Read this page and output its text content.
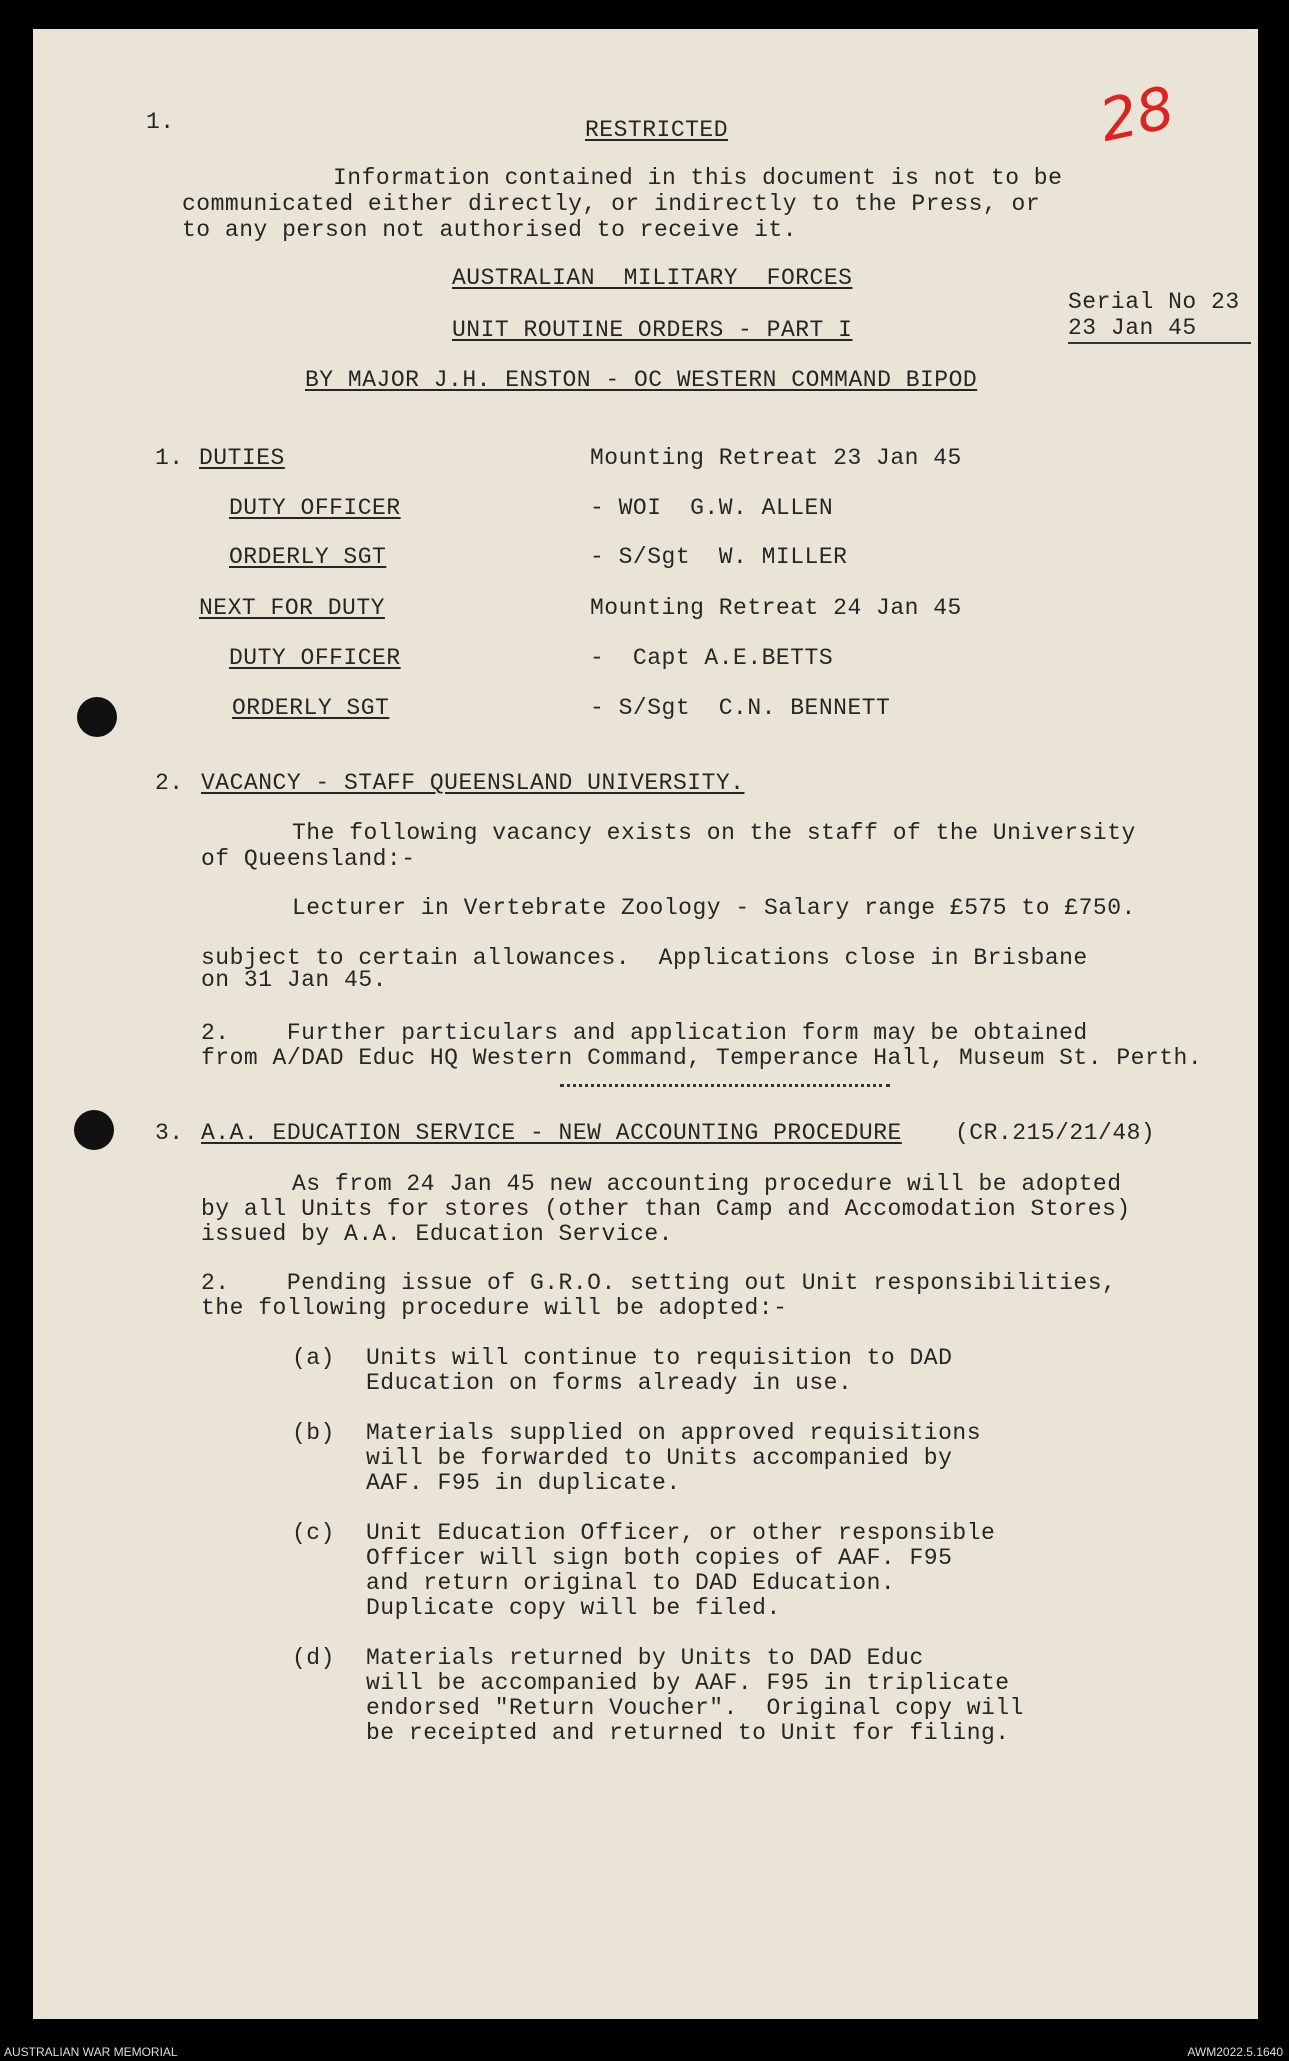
28
1.	RESTRICTED
Information contained in this document is not to be
communicated either directly, or indirectly to the Press, or
to any person not authorised to receive it.
AUSTRALIAN  MILITARY  FORCES
UNIT ROUTINE ORDERS - PART I
Serial No 23
23 Jan 45
BY MAJOR J.H. ENSTON - OC WESTERN COMMAND BIPOD
1. DUTIES	Mounting Retreat 23 Jan 45
DUTY OFFICER	- WOI  G.W. ALLEN
ORDERLY SGT	- S/Sgt  W. MILLER
NEXT FOR DUTY	Mounting Retreat 24 Jan 45
DUTY OFFICER	-  Capt A.E.BETTS
ORDERLY SGT	- S/Sgt  C.N. BENNETT
2. VACANCY - STAFF QUEENSLAND UNIVERSITY.
The following vacancy exists on the staff of the University
of Queensland:-
Lecturer in Vertebrate Zoology - Salary range £575 to £750.
subject to certain allowances.  Applications close in Brisbane
on 31 Jan 45.
2.    Further particulars and application form may be obtained
from A/DAD Educ HQ Western Command, Temperance Hall, Museum St. Perth.
3. A.A. EDUCATION SERVICE - NEW ACCOUNTING PROCEDURE (CR.215/21/48)
As from 24 Jan 45 new accounting procedure will be adopted
by all Units for stores (other than Camp and Accomodation Stores)
issued by A.A. Education Service.
2.    Pending issue of G.R.O. setting out Unit responsibilities,
the following procedure will be adopted:-
(a) Units will continue to requisition to DAD
Education on forms already in use.
(b) Materials supplied on approved requisitions
will be forwarded to Units accompanied by
AAF. F95 in duplicate.
(c) Unit Education Officer, or other responsible
Officer will sign both copies of AAF. F95
and return original to DAD Education.
Duplicate copy will be filed.
(d) Materials returned by Units to DAD Educ
will be accompanied by AAF. F95 in triplicate
endorsed "Return Voucher".  Original copy will
be receipted and returned to Unit for filing.
AUSTRALIAN WAR MEMORIAL	AWM2022.5.1640
